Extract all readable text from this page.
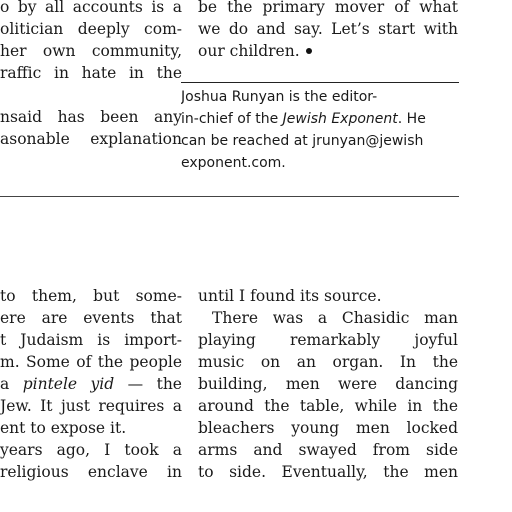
o by all accounts is a
olitician deeply com-
her own community,
raffic in hate in the
nsaid has been any
asonable explanation
be the primary mover of what
we do and say. Let’s start with
our children.
Joshua Runyan is the editor-
in-chief of the Jewish Exponent. He
can be reached at jrunyan@jewish
exponent.com.
to them, but some-
ere are events that
t Judaism is import-
m. Some of the people
a pintele yid — the
Jew. It just requires a
ent to expose it.
years ago, I took a
religious enclave in
until I found its source.
There was a Chasidic man
playing remarkably joyful
music on an organ. In the
building, men were dancing
around the table, while in the
bleachers young men locked
arms and swayed from side
to side. Eventually, the men
